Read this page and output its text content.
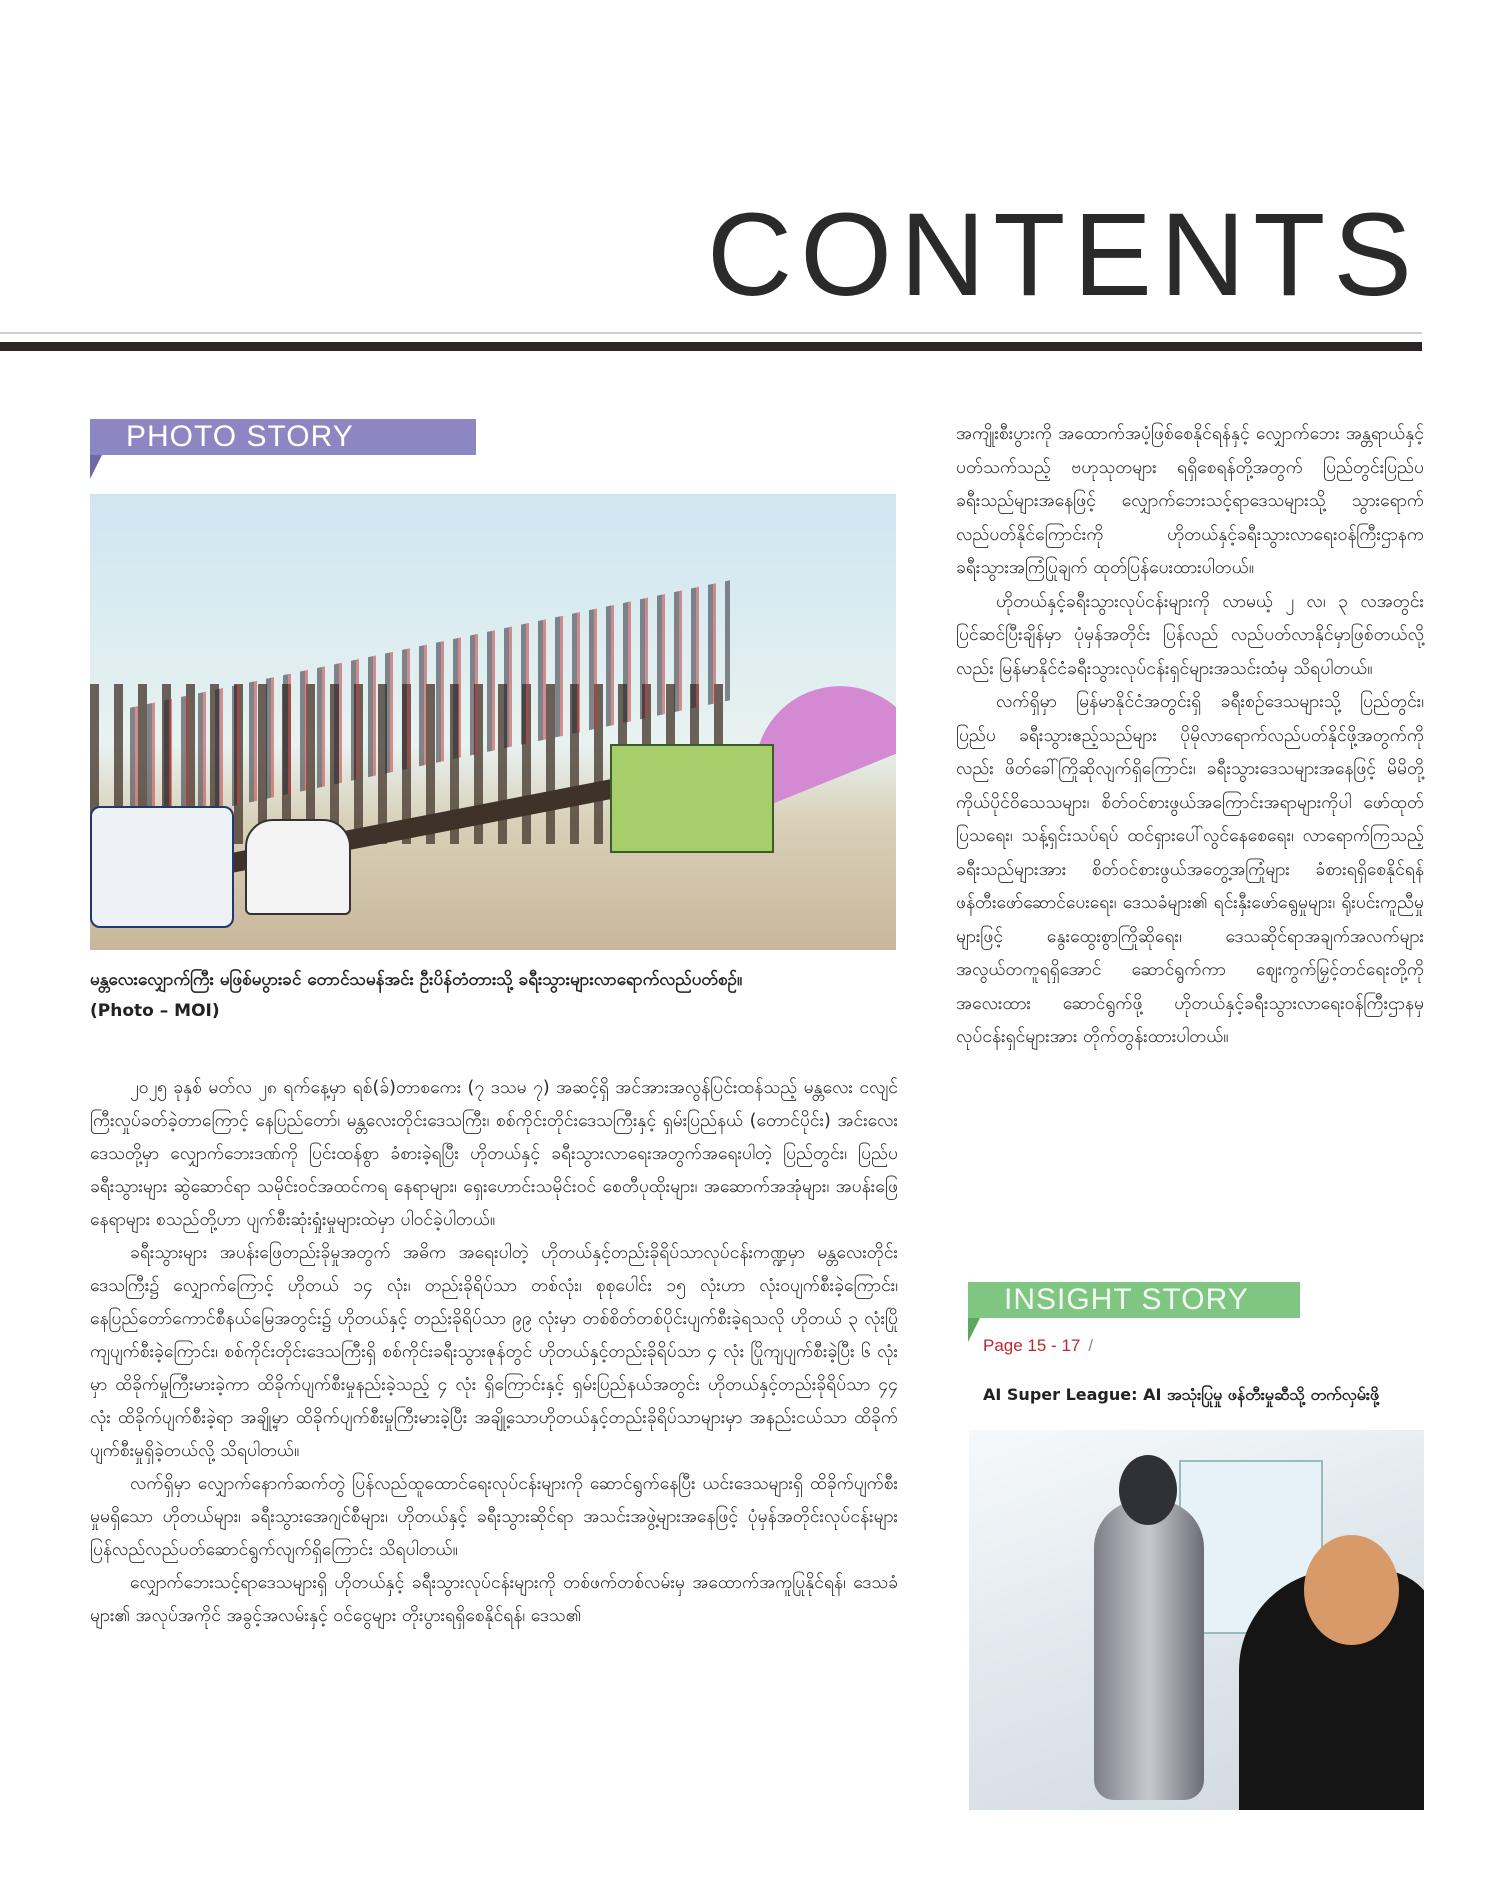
CONTENTS
PHOTO STORY
မန္တလေးလျှောက်ကြီး မဖြစ်မပွားခင် တောင်သမန်အင်း ဦးပိန်တံတားသို့ ခရီးသွားများလာရောက်လည်ပတ်စဉ်။
(Photo – MOI)

၂၀၂၅ ခုနှစ် မတ်လ ၂၈ ရက်နေ့မှာ ရစ်(ခ်)တာစကေး (၇ ဒသမ ၇) အဆင့်ရှိ အင်အားအလွန်ပြင်းထန်သည့် မန္တလေး ငလျင်ကြီးလှုပ်ခတ်ခဲ့တာကြောင့် နေပြည်တော်၊ မန္တလေးတိုင်းဒေသကြီး၊ စစ်ကိုင်းတိုင်းဒေသကြီးနှင့် ရှမ်းပြည်နယ် (တောင်ပိုင်း) အင်းလေးဒေသတို့မှာ လျှောက်ဘေးဒဏ်ကို ပြင်းထန်စွာ ခံစားခဲ့ရပြီး ဟိုတယ်နှင့် ခရီးသွားလာရေးအတွက်အရေးပါတဲ့ ပြည်တွင်း၊ ပြည်ပ ခရီးသွားများ ဆွဲဆောင်ရာ သမိုင်းဝင်အထင်ကရ နေရာများ၊ ရှေးဟောင်းသမိုင်းဝင် စေတီပုထိုးများ၊ အဆောက်အအုံများ၊ အပန်းဖြေနေရာများ စသည်တို့ဟာ ပျက်စီးဆုံးရှုံးမှုများထဲမှာ ပါဝင်ခဲ့ပါတယ်။

ခရီးသွားများ အပန်းဖြေတည်းခိုမှုအတွက် အဓိက အရေးပါတဲ့ ဟိုတယ်နှင့်တည်းခိုရိပ်သာလုပ်ငန်းကဏ္ဍမှာ မန္တလေးတိုင်းဒေသကြီး၌ လျှောက်ကြောင့် ဟိုတယ် ၁၄ လုံး၊ တည်းခိုရိပ်သာ တစ်လုံး၊ စုစုပေါင်း ၁၅ လုံးဟာ လုံးဝပျက်စီးခဲ့ကြောင်း၊ နေပြည်တော်ကောင်စီနယ်မြေအတွင်း၌ ဟိုတယ်နှင့် တည်းခိုရိပ်သာ ၉၉ လုံးမှာ တစ်စိတ်တစ်ပိုင်းပျက်စီးခဲ့ရသလို ဟိုတယ် ၃ လုံးပြိုကျပျက်စီးခဲ့ကြောင်း၊ စစ်ကိုင်းတိုင်းဒေသကြီးရှိ စစ်ကိုင်းခရီးသွားဇုန်တွင် ဟိုတယ်နှင့်တည်းခိုရိပ်သာ ၄ လုံး ပြိုကျပျက်စီးခဲ့ပြီး ၆ လုံးမှာ ထိခိုက်မှုကြီးမားခဲ့ကာ ထိခိုက်ပျက်စီးမှုနည်းခဲ့သည့် ၄ လုံး ရှိကြောင်းနှင့် ရှမ်းပြည်နယ်အတွင်း ဟိုတယ်နှင့်တည်းခိုရိပ်သာ ၄၄ လုံး ထိခိုက်ပျက်စီးခဲ့ရာ အချို့မှာ ထိခိုက်ပျက်စီးမှုကြီးမားခဲ့ပြီး အချို့သောဟိုတယ်နှင့်တည်းခိုရိပ်သာများမှာ အနည်းငယ်သာ ထိခိုက်ပျက်စီးမှုရှိခဲ့တယ်လို့ သိရပါတယ်။

လက်ရှိမှာ လျှောက်နောက်ဆက်တွဲ ပြန်လည်ထူထောင်ရေးလုပ်ငန်းများကို ဆောင်ရွက်နေပြီး ယင်းဒေသများရှိ ထိခိုက်ပျက်စီးမှုမရှိသော ဟိုတယ်များ၊ ခရီးသွားအေဂျင်စီများ၊ ဟိုတယ်နှင့် ခရီးသွားဆိုင်ရာ အသင်းအဖွဲ့များအနေဖြင့် ပုံမှန်အတိုင်းလုပ်ငန်းများ ပြန်လည်လည်ပတ်ဆောင်ရွက်လျက်ရှိကြောင်း သိရပါတယ်။

လျှောက်ဘေးသင့်ရာဒေသများရှိ ဟိုတယ်နှင့် ခရီးသွားလုပ်ငန်းများကို တစ်ဖက်တစ်လမ်းမှ အထောက်အကူပြုနိုင်ရန်၊ ဒေသခံများ၏ အလုပ်အကိုင် အခွင့်အလမ်းနှင့် ဝင်ငွေများ တိုးပွားရရှိစေနိုင်ရန်၊ ဒေသ၏

အကျိုးစီးပွားကို အထောက်အပံ့ဖြစ်စေနိုင်ရန်နှင့် လျှောက်ဘေး အန္တရာယ်နှင့် ပတ်သက်သည့် ဗဟုသုတများ ရရှိစေရန်တို့အတွက် ပြည်တွင်းပြည်ပ ခရီးသည်များအနေဖြင့် လျှောက်ဘေးသင့်ရာဒေသများသို့ သွားရောက် လည်ပတ်နိုင်ကြောင်းကို ဟိုတယ်နှင့်ခရီးသွားလာရေးဝန်ကြီးဌာနက ခရီးသွားအကြံပြုချက် ထုတ်ပြန်ပေးထားပါတယ်။

ဟိုတယ်နှင့်ခရီးသွားလုပ်ငန်းများကို လာမယ့် ၂ လ၊ ၃ လအတွင်း ပြင်ဆင်ပြီးချိန်မှာ ပုံမှန်အတိုင်း ပြန်လည် လည်ပတ်လာနိုင်မှာဖြစ်တယ်လို့လည်း မြန်မာနိုင်ငံခရီးသွားလုပ်ငန်းရှင်များအသင်းထံမှ သိရပါတယ်။

လက်ရှိမှာ မြန်မာနိုင်ငံအတွင်းရှိ ခရီးစဉ်ဒေသများသို့ ပြည်တွင်း၊ ပြည်ပ ခရီးသွားဧည့်သည်များ ပိုမိုလာရောက်လည်ပတ်နိုင်ဖို့အတွက်ကိုလည်း ဖိတ်ခေါ်ကြိုဆိုလျက်ရှိကြောင်း၊ ခရီးသွားဒေသများအနေဖြင့် မိမိတို့ ကိုယ်ပိုင်ဝိသေသများ၊ စိတ်ဝင်စားဖွယ်အကြောင်းအရာများကိုပါ ဖော်ထုတ်ပြသရေး၊ သန့်ရှင်းသပ်ရပ် ထင်ရှားပေါ်လွင်နေစေရေး၊ လာရောက်ကြသည့်ခရီးသည်များအား စိတ်ဝင်စားဖွယ်အတွေ့အကြုံများ ခံစားရရှိစေနိုင်ရန် ဖန်တီးဖော်ဆောင်ပေးရေး၊ ဒေသခံများ၏ ရင်းနှီးဖော်ရွေမှုများ၊ ရိုးပင်းကူညီမှုများဖြင့် နွေးထွေးစွာကြိုဆိုရေး၊ ဒေသဆိုင်ရာအချက်အလက်များ အလွယ်တကူရရှိအောင် ဆောင်ရွက်ကာ ဈေးကွက်မြှင့်တင်ရေးတို့ကို အလေးထား ဆောင်ရွက်ဖို့ ဟိုတယ်နှင့်ခရီးသွားလာရေးဝန်ကြီးဌာနမှ လုပ်ငန်းရှင်များအား တိုက်တွန်းထားပါတယ်။

INSIGHT STORY
Page 15 - 17 /
AI Super League: AI အသုံးပြုမှု ဖန်တီးမှုဆီသို့ တက်လှမ်းဖို့
